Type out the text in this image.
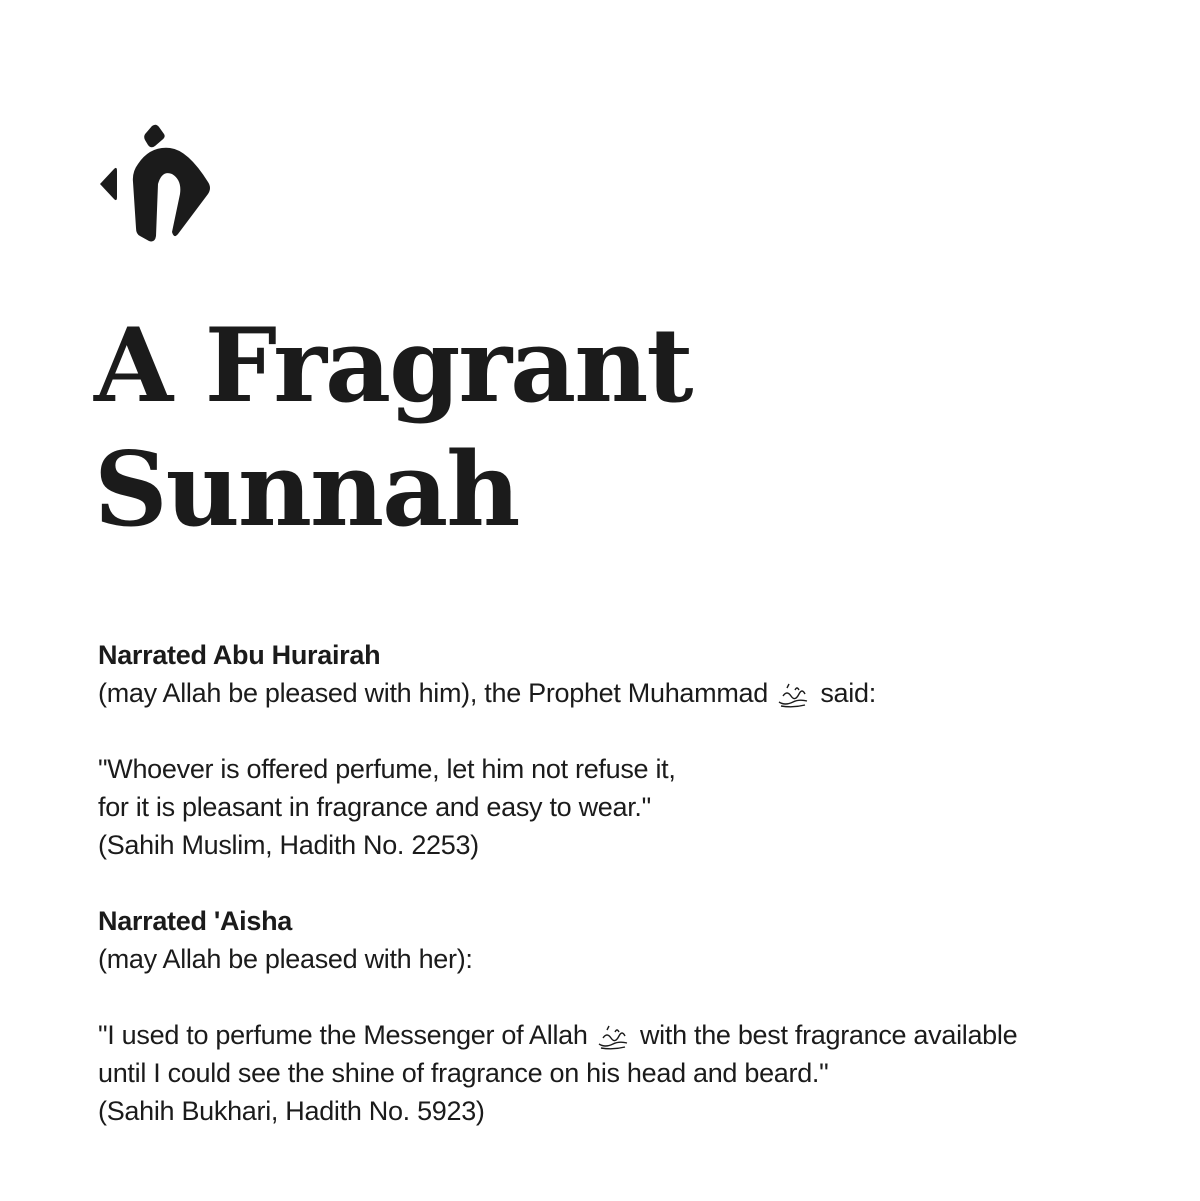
A Fragrant
Sunnah

Narrated Abu Hurairah

(may Allah be pleased with him), the Prophet Muhammad said:

"Whoever is offered perfume, let him not refuse it,

for it is pleasant in fragrance and easy to wear."

(Sahih Muslim, Hadith No. 2253)

Narrated 'Aisha

(may Allah be pleased with her):

"I used to perfume the Messenger of Allah with the best fragrance available

until I could see the shine of fragrance on his head and beard."

(Sahih Bukhari, Hadith No. 5923)
